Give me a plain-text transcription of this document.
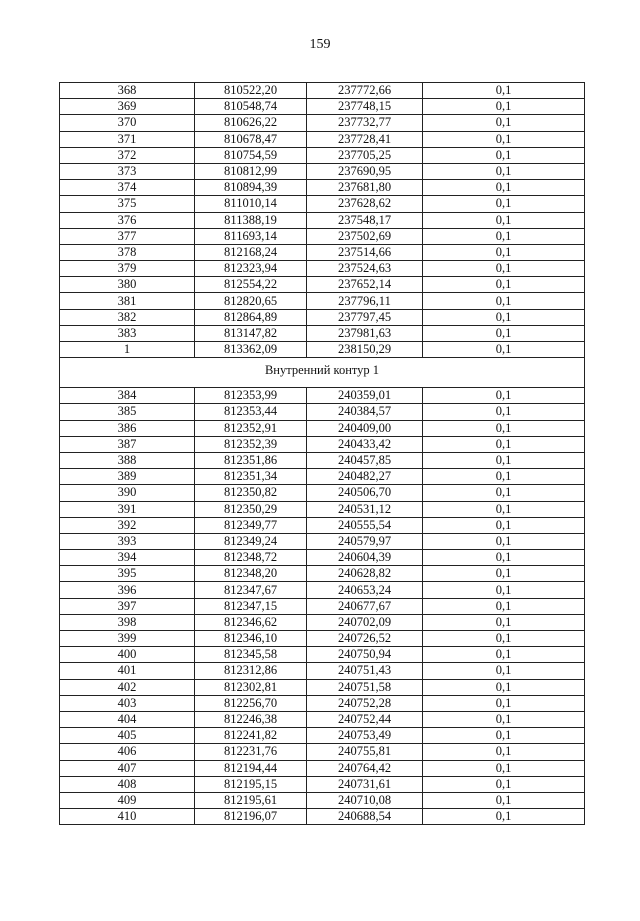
159
368	810522,20	237772,66	0,1
369	810548,74	237748,15	0,1
370	810626,22	237732,77	0,1
371	810678,47	237728,41	0,1
372	810754,59	237705,25	0,1
373	810812,99	237690,95	0,1
374	810894,39	237681,80	0,1
375	811010,14	237628,62	0,1
376	811388,19	237548,17	0,1
377	811693,14	237502,69	0,1
378	812168,24	237514,66	0,1
379	812323,94	237524,63	0,1
380	812554,22	237652,14	0,1
381	812820,65	237796,11	0,1
382	812864,89	237797,45	0,1
383	813147,82	237981,63	0,1
1	813362,09	238150,29	0,1
Внутренний контур 1			
384	812353,99	240359,01	0,1
385	812353,44	240384,57	0,1
386	812352,91	240409,00	0,1
387	812352,39	240433,42	0,1
388	812351,86	240457,85	0,1
389	812351,34	240482,27	0,1
390	812350,82	240506,70	0,1
391	812350,29	240531,12	0,1
392	812349,77	240555,54	0,1
393	812349,24	240579,97	0,1
394	812348,72	240604,39	0,1
395	812348,20	240628,82	0,1
396	812347,67	240653,24	0,1
397	812347,15	240677,67	0,1
398	812346,62	240702,09	0,1
399	812346,10	240726,52	0,1
400	812345,58	240750,94	0,1
401	812312,86	240751,43	0,1
402	812302,81	240751,58	0,1
403	812256,70	240752,28	0,1
404	812246,38	240752,44	0,1
405	812241,82	240753,49	0,1
406	812231,76	240755,81	0,1
407	812194,44	240764,42	0,1
408	812195,15	240731,61	0,1
409	812195,61	240710,08	0,1
410	812196,07	240688,54	0,1
